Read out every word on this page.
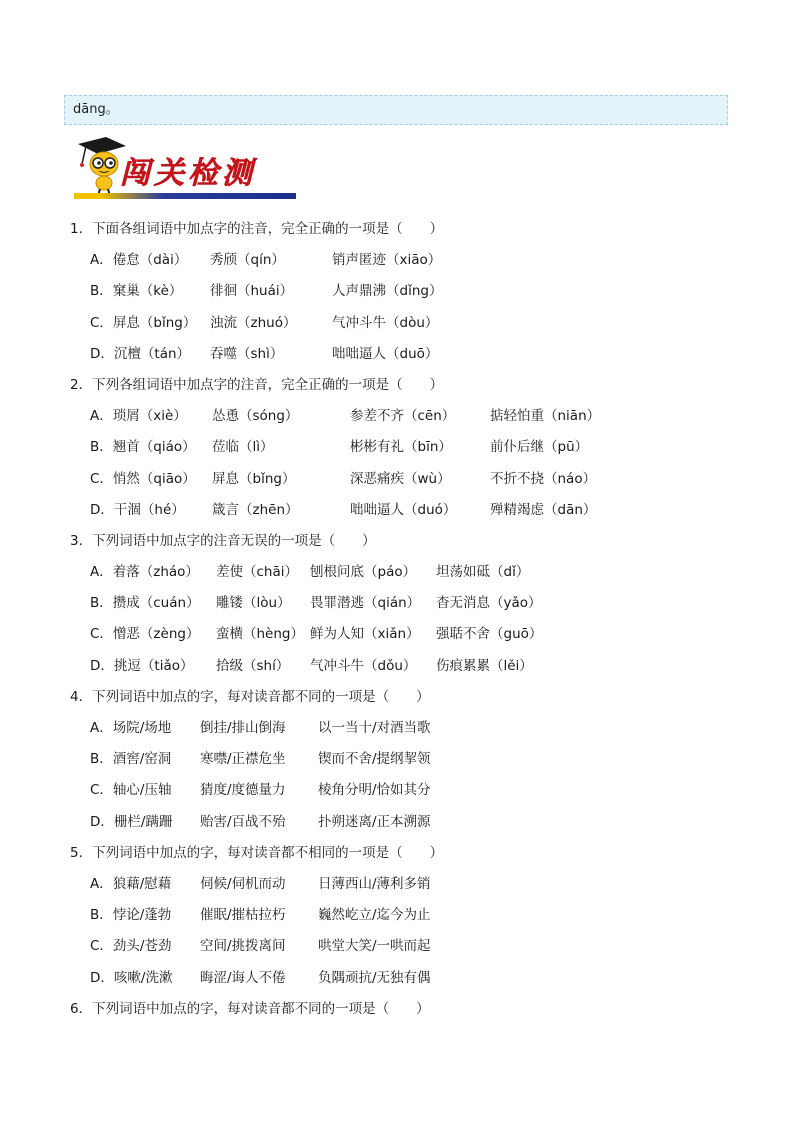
dāng。
闯关检测
1．下面各组词语中加点字的注音，完全正确的一项是（　　）
A．倦怠（dài） 秀颀（qín）	销声匿迹（xiāo）
B．窠巢（kè） 徘徊（huái）	人声鼎沸（dǐng）
C．屏息（bǐng） 浊流（zhuó）	气冲斗牛（dòu）
D．沉檀（tán） 吞噬（shì）	咄咄逼人（duō）
2．下列各组词语中加点字的注音，完全正确的一项是（　　）
A．琐屑（xiè） 怂恿（sóng）	参差不齐（cēn）	掂轻怕重（niān）
B．翘首（qiáo） 莅临（lì）	彬彬有礼（bīn）	前仆后继（pū）
C．悄然（qiāo） 屏息（bǐng）	深恶痛疾（wù）	不折不挠（náo）
D．干涸（hé） 箴言（zhēn）	咄咄逼人（duó） 殚精竭虑（dān）
3．下列词语中加点字的注音无误的一项是（　　）
A．着落（zháo） 差使（chāi） 刨根问底（páo） 坦荡如砥（dǐ）
B．攒成（cuán） 雕镂（lòu） 畏罪潜逃（qián） 杳无消息（yǎo）
C．憎恶（zèng） 蛮横（hèng） 鲜为人知（xiǎn） 强聒不舍（guō）
D．挑逗（tiǎo） 拾级（shí） 气冲斗牛（dǒu） 伤痕累累（lěi）
4．下列词语中加点的字，每对读音都不同的一项是（　　）
A．场院/场地 倒挂/排山倒海 以一当十/对酒当歌
B．酒窖/窑洞 寒噤/正襟危坐 锲而不舍/提纲挈领
C．轴心/压轴 猜度/度德量力 棱角分明/恰如其分
D．栅栏/蹒跚 贻害/百战不殆 扑朔迷离/正本溯源
5．下列词语中加点的字，每对读音都不相同的一项是（　　）
A．狼藉/慰藉 伺候/伺机而动 日薄西山/薄利多销
B．悖论/蓬勃 催眠/摧枯拉朽 巍然屹立/迄今为止
C．劲头/苍劲 空间/挑拨离间 哄堂大笑/一哄而起
D．咳嗽/洗漱 晦涩/诲人不倦 负隅顽抗/无独有偶
6．下列词语中加点的字，每对读音都不同的一项是（　　）
